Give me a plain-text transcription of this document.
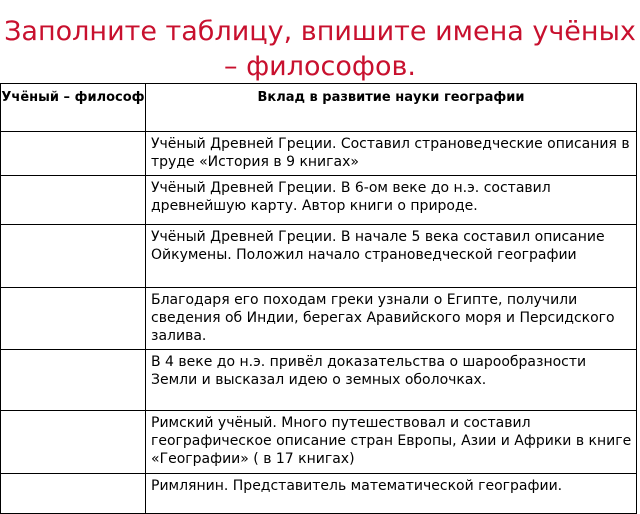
Заполните таблицу, впишите имена учёных – философов.
Учёный – философ	Вклад в развитие науки географии
	Учёный Древней Греции. Составил страноведческие описания в труде «История в 9 книгах»
	Учёный Древней Греции. В 6-ом веке до н.э. составил древнейшую карту. Автор книги о природе.
	Учёный Древней Греции. В начале 5 века составил описание Ойкумены. Положил начало страноведческой географии
	Благодаря его походам греки узнали о Египте, получили сведения об Индии, берегах Аравийского моря и Персидского залива.
	В 4 веке до н.э. привёл доказательства о шарообразности Земли и высказал идею о земных оболочках.
	Римский учёный. Много путешествовал и составил географическое описание стран Европы, Азии и Африки в книге «Географии» ( в 17 книгах)
	Римлянин. Представитель математической географии.
